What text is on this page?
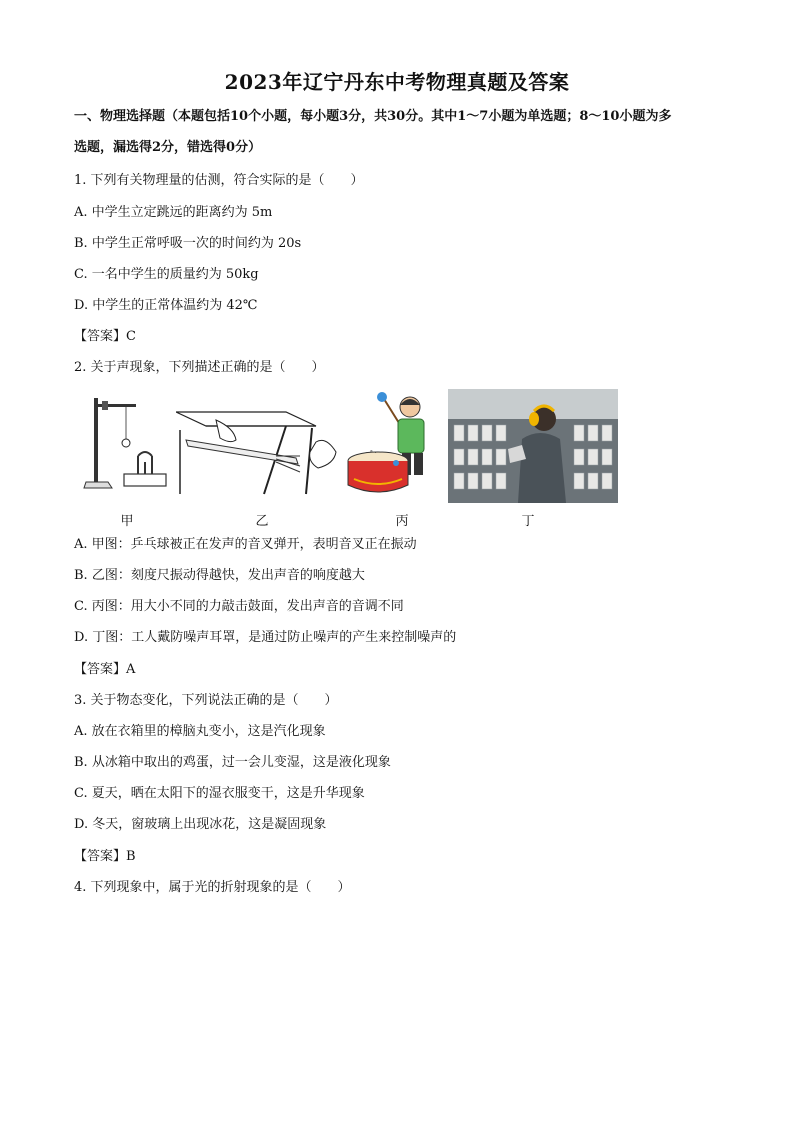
2023年辽宁丹东中考物理真题及答案
一、物理选择题（本题包括10个小题，每小题3分，共30分。其中1～7小题为单选题；8～10小题为多
选题，漏选得2分，错选得0分）
1. 下列有关物理量的估测，符合实际的是（　　）
A. 中学生立定跳远的距离约为 5m
B. 中学生正常呼吸一次的时间约为 20s
C. 一名中学生的质量约为 50kg
D. 中学生的正常体温约为 42℃
【答案】C
2. 关于声现象，下列描述正确的是（　　）
甲	乙
· ° ·
丙	丁
A. 甲图：乒乓球被正在发声的音叉弹开，表明音叉正在振动
B. 乙图：刻度尺振动得越快，发出声音的响度越大
C. 丙图：用大小不同的力敲击鼓面，发出声音的音调不同
D. 丁图：工人戴防噪声耳罩，是通过防止噪声的产生来控制噪声的
【答案】A
3. 关于物态变化，下列说法正确的是（　　）
A. 放在衣箱里的樟脑丸变小，这是汽化现象
B. 从冰箱中取出的鸡蛋，过一会儿变湿，这是液化现象
C. 夏天，晒在太阳下的湿衣服变干，这是升华现象
D. 冬天，窗玻璃上出现冰花，这是凝固现象
【答案】B
4. 下列现象中，属于光的折射现象的是（　　）
